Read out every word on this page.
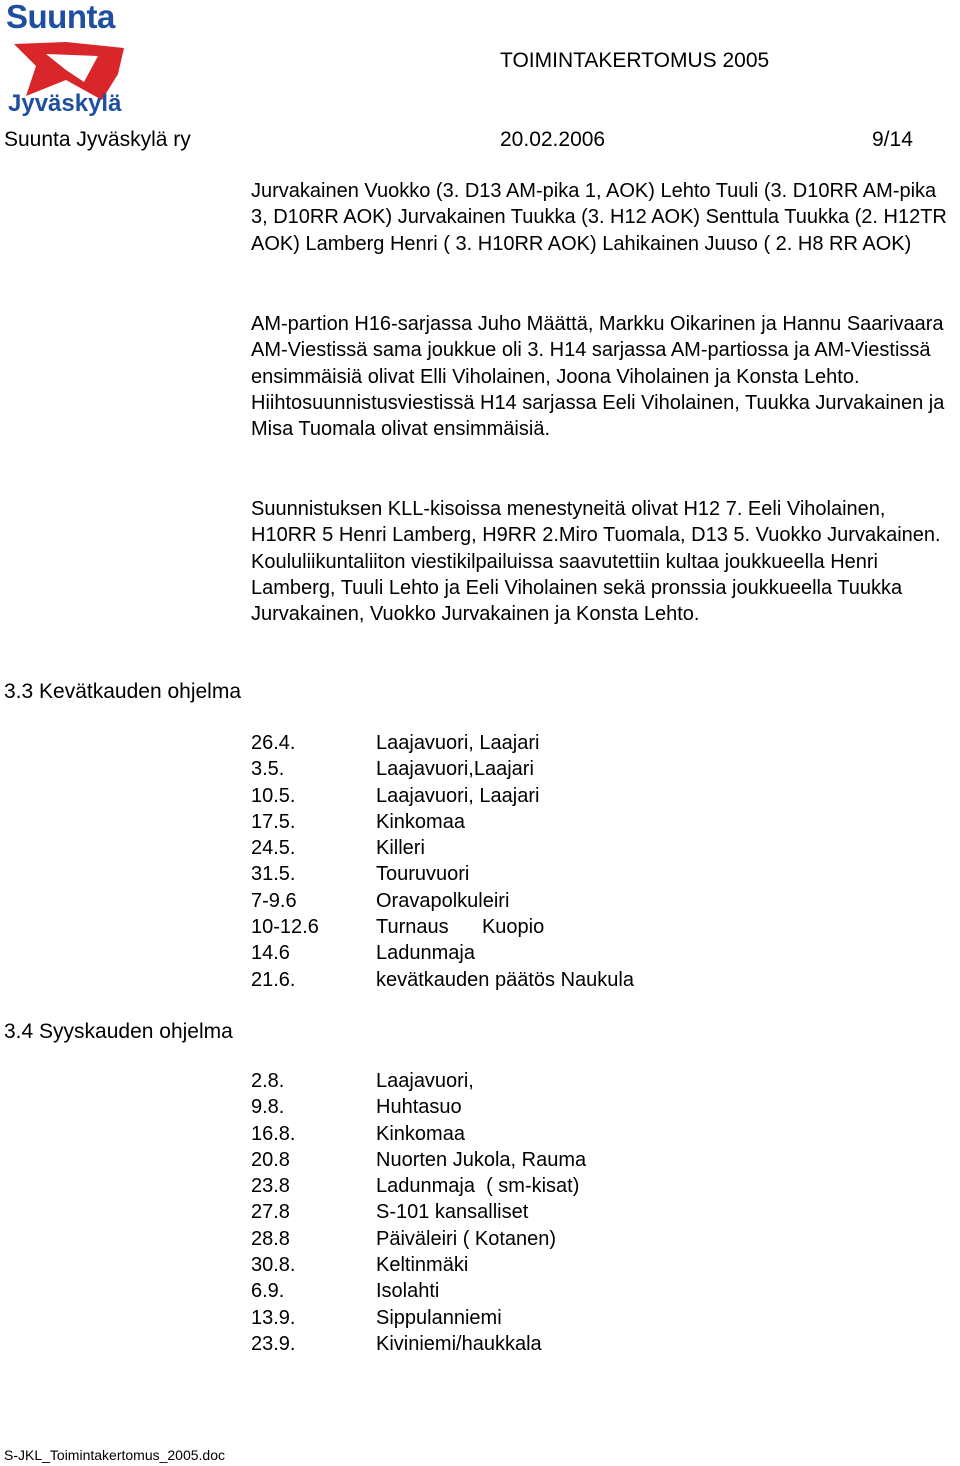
Suunta
Jyväskylä
TOIMINTAKERTOMUS 2005
Suunta Jyväskylä ry	20.02.2006	9/14
Jurvakainen Vuokko (3. D13 AM-pika 1, AOK) Lehto Tuuli (3. D10RR AM-pika 3, D10RR AOK) Jurvakainen Tuukka (3. H12 AOK) Senttula Tuukka (2. H12TR AOK) Lamberg Henri ( 3. H10RR AOK) Lahikainen Juuso ( 2. H8 RR AOK)
AM-partion H16-sarjassa Juho Määttä, Markku Oikarinen ja Hannu Saarivaara AM-Viestissä sama joukkue oli 3. H14 sarjassa AM-partiossa ja AM-Viestissä ensimmäisiä olivat Elli Viholainen, Joona Viholainen ja Konsta Lehto. Hiihtosuunnistusviestissä H14 sarjassa Eeli Viholainen, Tuukka Jurvakainen ja Misa Tuomala olivat ensimmäisiä.
Suunnistuksen KLL-kisoissa menestyneitä olivat H12 7. Eeli Viholainen, H10RR 5 Henri Lamberg, H9RR 2.Miro Tuomala, D13 5. Vuokko Jurvakainen. Koululiikuntaliiton viestikilpailuissa saavutettiin kultaa joukkueella Henri Lamberg, Tuuli Lehto ja Eeli Viholainen sekä pronssia joukkueella Tuukka Jurvakainen, Vuokko Jurvakainen ja Konsta Lehto.
3.3 Kevätkauden ohjelma
26.4.	Laajavuori, Laajari
3.5.	Laajavuori,Laajari
10.5.	Laajavuori, Laajari
17.5.	Kinkomaa
24.5.	Killeri
31.5.	Touruvuori
7-9.6	Oravapolkuleiri
10-12.6	Turnaus      Kuopio
14.6	Ladunmaja
21.6.	kevätkauden päätös Naukula
3.4 Syyskauden ohjelma
2.8.	Laajavuori,
9.8.	Huhtasuo
16.8.	Kinkomaa
20.8	Nuorten Jukola, Rauma
23.8	Ladunmaja  ( sm-kisat)
27.8	S-101 kansalliset
28.8	Päiväleiri ( Kotanen)
30.8.	Keltinmäki
6.9.	Isolahti
13.9.	Sippulanniemi
23.9.	Kiviniemi/haukkala
S-JKL_Toimintakertomus_2005.doc
